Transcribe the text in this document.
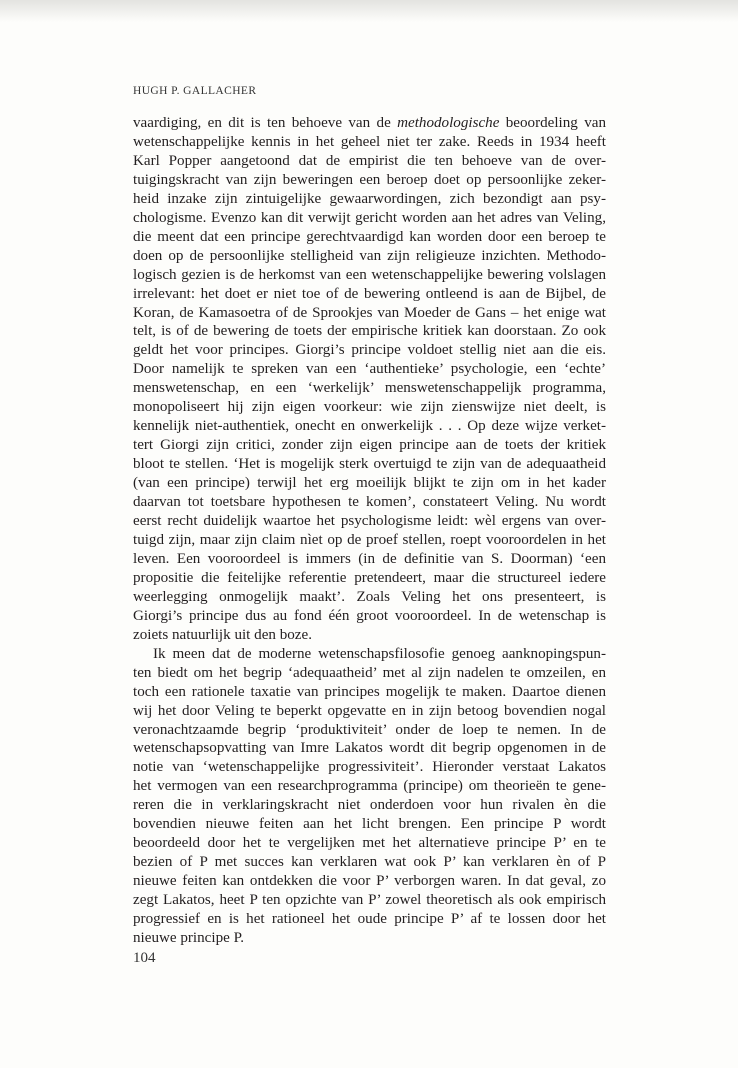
HUGH P. GALLACHER
vaardiging, en dit is ten behoeve van de methodologische beoordeling van
wetenschappelijke kennis in het geheel niet ter zake. Reeds in 1934 heeft
Karl Popper aangetoond dat de empirist die ten behoeve van de over-
tuigingskracht van zijn beweringen een beroep doet op persoonlijke zeker-
heid inzake zijn zintuigelijke gewaarwordingen, zich bezondigt aan psy-
chologisme. Evenzo kan dit verwijt gericht worden aan het adres van Veling,
die meent dat een principe gerechtvaardigd kan worden door een beroep te
doen op de persoonlijke stelligheid van zijn religieuze inzichten. Methodo-
logisch gezien is de herkomst van een wetenschappelijke bewering volslagen
irrelevant: het doet er niet toe of de bewering ontleend is aan de Bijbel, de
Koran, de Kamasoetra of de Sprookjes van Moeder de Gans – het enige wat
telt, is of de bewering de toets der empirische kritiek kan doorstaan. Zo ook
geldt het voor principes. Giorgi’s principe voldoet stellig niet aan die eis.
Door namelijk te spreken van een ‘authentieke’ psychologie, een ‘echte’
menswetenschap, en een ‘werkelijk’ menswetenschappelijk programma,
monopoliseert hij zijn eigen voorkeur: wie zijn zienswijze niet deelt, is
kennelijk niet-authentiek, onecht en onwerkelijk . . . Op deze wijze verket-
tert Giorgi zijn critici, zonder zijn eigen principe aan de toets der kritiek
bloot te stellen. ‘Het is mogelijk sterk overtuigd te zijn van de adequaatheid
(van een principe) terwijl het erg moeilijk blijkt te zijn om in het kader
daarvan tot toetsbare hypothesen te komen’, constateert Veling. Nu wordt
eerst recht duidelijk waartoe het psychologisme leidt: wèl ergens van over-
tuigd zijn, maar zijn claim nìet op de proef stellen, roept vooroordelen in het
leven. Een vooroordeel is immers (in de definitie van S. Doorman) ‘een
propositie die feitelijke referentie pretendeert, maar die structureel iedere
weerlegging onmogelijk maakt’. Zoals Veling het ons presenteert, is
Giorgi’s principe dus au fond één groot vooroordeel. In de wetenschap is
zoiets natuurlijk uit den boze.
Ik meen dat de moderne wetenschapsfilosofie genoeg aanknopingspun-
ten biedt om het begrip ‘adequaatheid’ met al zijn nadelen te omzeilen, en
toch een rationele taxatie van principes mogelijk te maken. Daartoe dienen
wij het door Veling te beperkt opgevatte en in zijn betoog bovendien nogal
veronachtzaamde begrip ‘produktiviteit’ onder de loep te nemen. In de
wetenschapsopvatting van Imre Lakatos wordt dit begrip opgenomen in de
notie van ‘wetenschappelijke progressiviteit’. Hieronder verstaat Lakatos
het vermogen van een researchprogramma (principe) om theorieën te gene-
reren die in verklaringskracht niet onderdoen voor hun rivalen èn die
bovendien nieuwe feiten aan het licht brengen. Een principe P wordt
beoordeeld door het te vergelijken met het alternatieve principe P’ en te
bezien of P met succes kan verklaren wat ook P’ kan verklaren èn of P
nieuwe feiten kan ontdekken die voor P’ verborgen waren. In dat geval, zo
zegt Lakatos, heet P ten opzichte van P’ zowel theoretisch als ook empirisch
progressief en is het rationeel het oude principe P’ af te lossen door het
nieuwe principe P.
104
